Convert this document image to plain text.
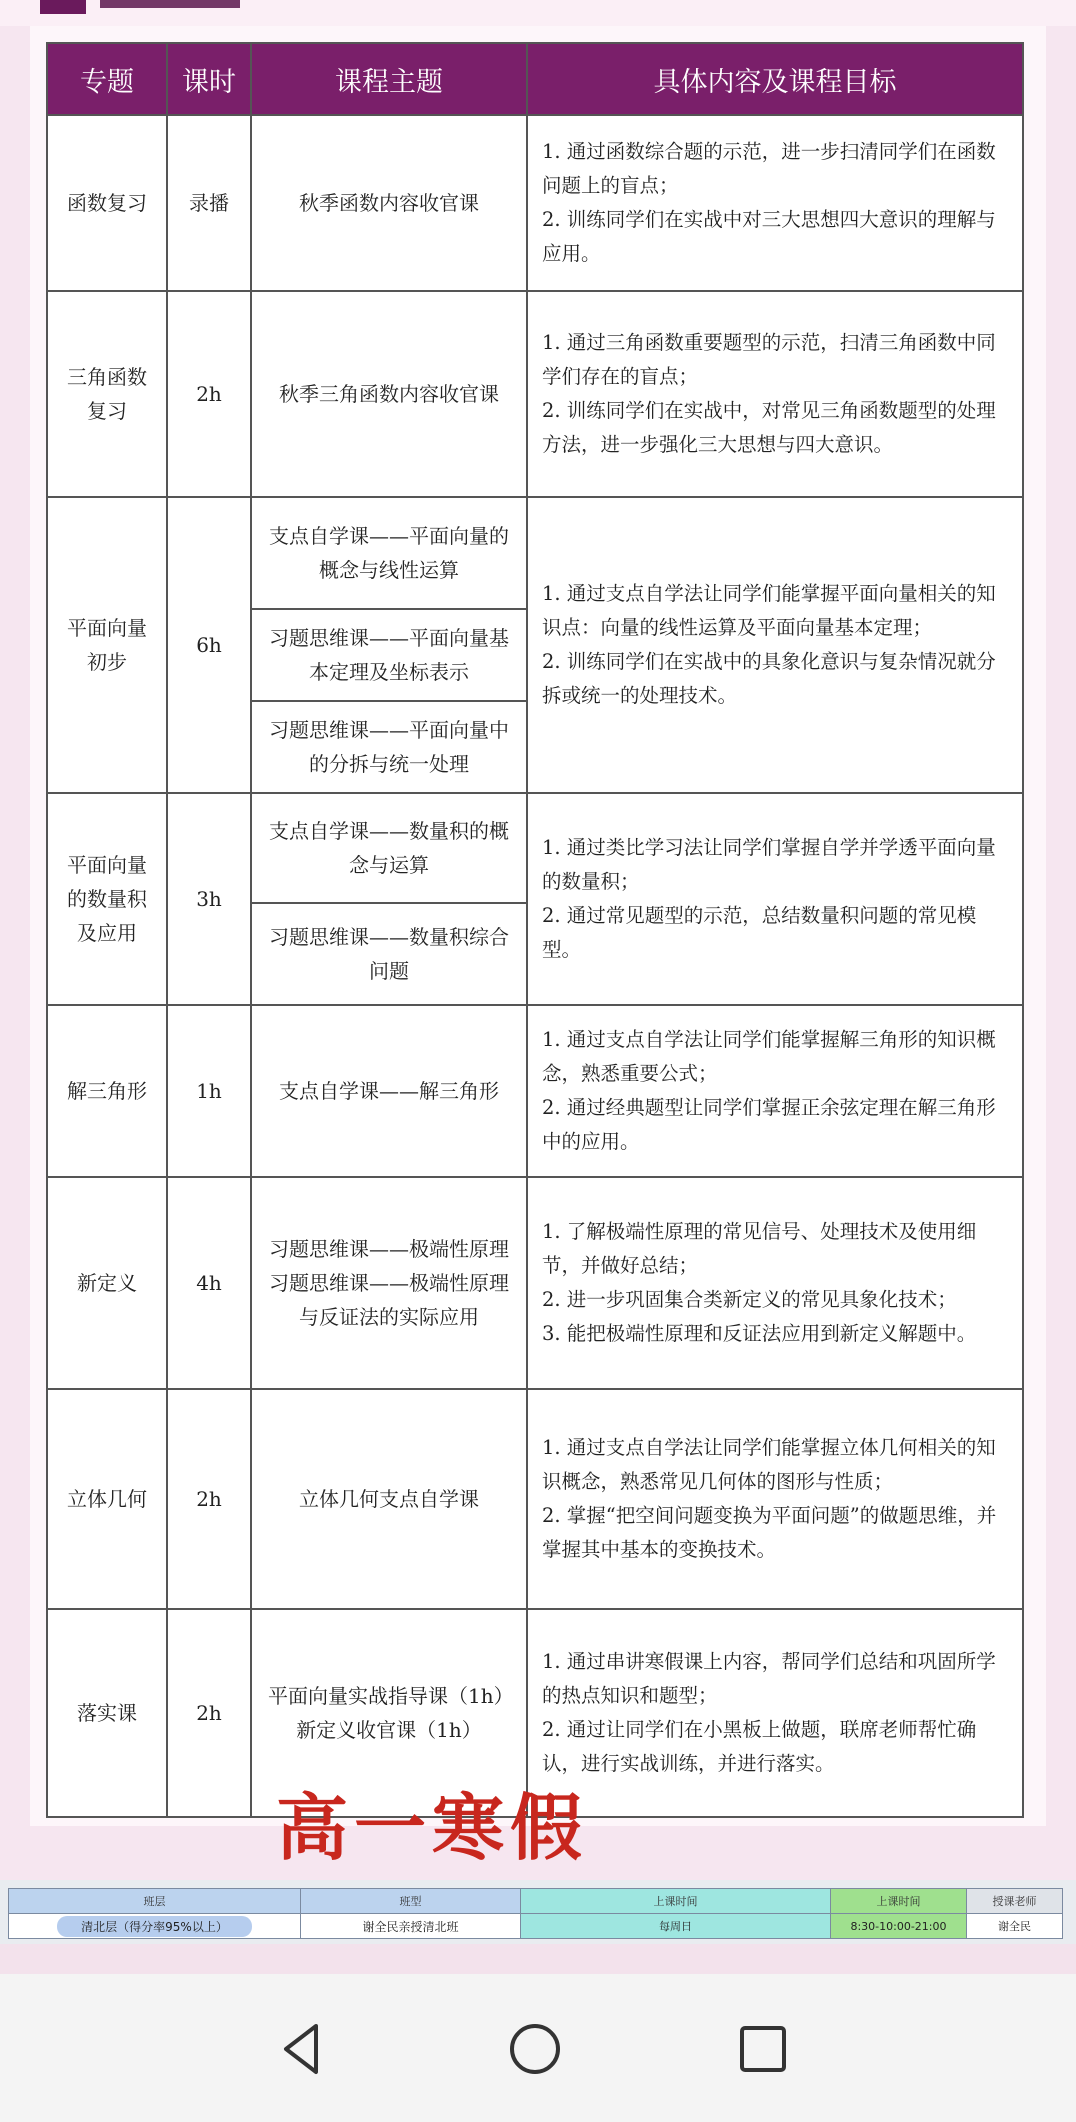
专题	课时	课程主题	具体内容及课程目标
函数复习	录播	秋季函数内容收官课	1. 通过函数综合题的示范，进一步扫清同学们在函数问题上的盲点；
2. 训练同学们在实战中对三大思想四大意识的理解与应用。

三角函数复习	2h	秋季三角函数内容收官课	1. 通过三角函数重要题型的示范，扫清三角函数中同学们存在的盲点；
2. 训练同学们在实战中，对常见三角函数题型的处理方法，进一步强化三大思想与四大意识。

平面向量初步	6h	支点自学课——平面向量的概念与线性运算	1. 通过支点自学法让同学们能掌握平面向量相关的知识点：向量的线性运算及平面向量基本定理；
2. 训练同学们在实战中的具象化意识与复杂情况就分拆或统一的处理技术。

		习题思维课——平面向量基本定理及坐标表示	
		习题思维课——平面向量中的分拆与统一处理	
平面向量的数量积及应用	3h	支点自学课——数量积的概念与运算	1. 通过类比学习法让同学们掌握自学并学透平面向量的数量积；
2. 通过常见题型的示范，总结数量积问题的常见模型。

		习题思维课——数量积综合问题	
解三角形	1h	支点自学课——解三角形	1. 通过支点自学法让同学们能掌握解三角形的知识概念，熟悉重要公式；
2. 通过经典题型让同学们掌握正余弦定理在解三角形中的应用。

新定义	4h	习题思维课——极端性原理
习题思维课——极端性原理与反证法的实际应用	1. 了解极端性原理的常见信号、处理技术及使用细节，并做好总结；
2. 进一步巩固集合类新定义的常见具象化技术；
3. 能把极端性原理和反证法应用到新定义解题中。

立体几何	2h	立体几何支点自学课	1. 通过支点自学法让同学们能掌握立体几何相关的知识概念，熟悉常见几何体的图形与性质；
2. 掌握“把空间问题变换为平面问题”的做题思维，并掌握其中基本的变换技术。

落实课	2h	平面向量实战指导课（1h）
新定义收官课（1h）	1. 通过串讲寒假课上内容，帮同学们总结和巩固所学的热点知识和题型；
2. 通过让同学们在小黑板上做题，联席老师帮忙确认，进行实战训练，并进行落实。
高一寒假
班层	班型	上课时间	上课时间	授课老师
清北层（得分率95%以上）	谢全民亲授清北班	每周日	8:30-10:00-21:00	谢全民
